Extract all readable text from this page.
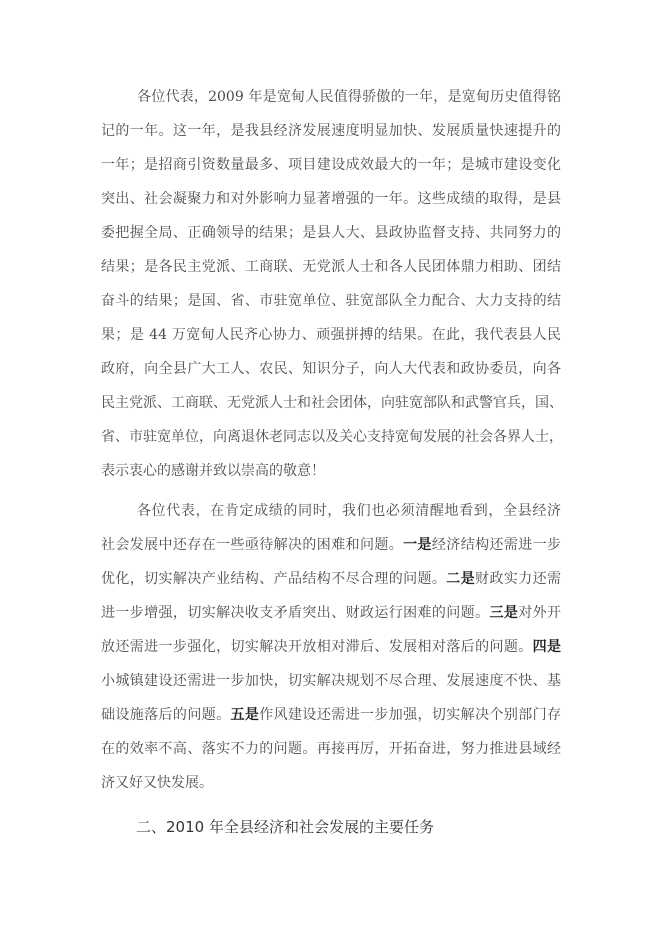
各位代表，2009 年是宽甸人民值得骄傲的一年，是宽甸历史值得铭
记的一年。这一年，是我县经济发展速度明显加快、发展质量快速提升的
一年；是招商引资数量最多、项目建设成效最大的一年；是城市建设变化
突出、社会凝聚力和对外影响力显著增强的一年。这些成绩的取得，是县
委把握全局、正确领导的结果；是县人大、县政协监督支持、共同努力的
结果；是各民主党派、工商联、无党派人士和各人民团体鼎力相助、团结
奋斗的结果；是国、省、市驻宽单位、驻宽部队全力配合、大力支持的结
果；是 44 万宽甸人民齐心协力、顽强拼搏的结果。在此，我代表县人民
政府，向全县广大工人、农民、知识分子，向人大代表和政协委员，向各
民主党派、工商联、无党派人士和社会团体，向驻宽部队和武警官兵，国、
省、市驻宽单位，向离退休老同志以及关心支持宽甸发展的社会各界人士，
表示衷心的感谢并致以崇高的敬意！
各位代表，在肯定成绩的同时，我们也必须清醒地看到，全县经济
社会发展中还存在一些亟待解决的困难和问题。一是经济结构还需进一步
优化，切实解决产业结构、产品结构不尽合理的问题。二是财政实力还需
进一步增强，切实解决收支矛盾突出、财政运行困难的问题。三是对外开
放还需进一步强化，切实解决开放相对滞后、发展相对落后的问题。四是
小城镇建设还需进一步加快，切实解决规划不尽合理、发展速度不快、基
础设施落后的问题。五是作风建设还需进一步加强，切实解决个别部门存
在的效率不高、落实不力的问题。再接再厉，开拓奋进，努力推进县域经
济又好又快发展。
二、2010 年全县经济和社会发展的主要任务
